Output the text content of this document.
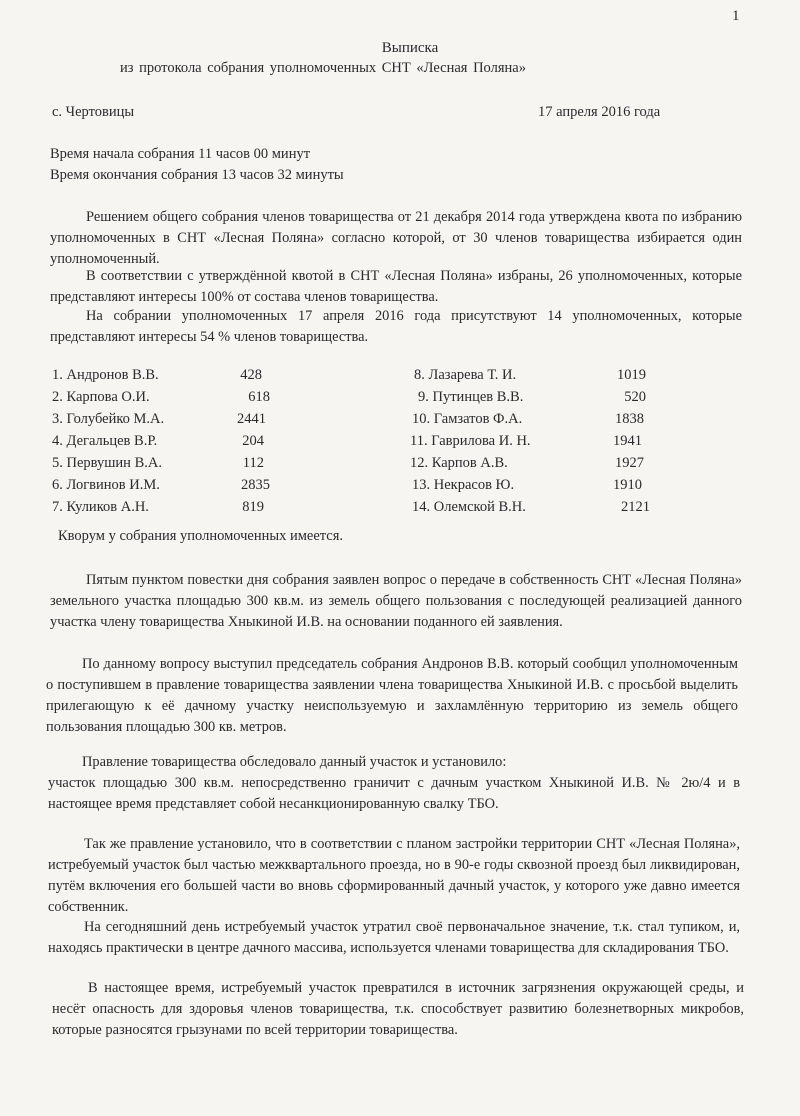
1
Выписка
из протокола собрания уполномоченных СНТ «Лесная Поляна»
с. Чертовицы	17 апреля 2016 года
Время начала собрания 11 часов 00 минут
Время окончания собрания 13 часов 32 минуты
Решением общего собрания членов товарищества от 21 декабря 2014 года утверждена квота по избранию уполномоченных в СНТ «Лесная Поляна» согласно которой, от 30 членов товарищества избирается один уполномоченный.
В соответствии с утверждённой квотой в СНТ «Лесная Поляна» избраны, 26 уполномоченных, которые представляют интересы 100% от состава членов товарищества.
На собрании уполномоченных 17 апреля 2016 года присутствуют 14 уполномоченных, которые представляют интересы 54 % членов товарищества.
1. Андронов В.В.	428
2. Карпова О.И.	618
3. Голубейко М.А.	2441
4. Дегальцев В.Р.	204
5. Первушин В.А.	112
6. Логвинов И.М.	2835
7. Куликов А.Н.	819
8. Лазарева Т. И.	1019
9. Путинцев В.В.	520
10. Гамзатов Ф.А.	1838
11. Гаврилова И. Н.	1941
12. Карпов А.В.	1927
13. Некрасов Ю.	1910
14. Олемской В.Н.	2121
Кворум у собрания уполномоченных имеется.
Пятым пунктом повестки дня собрания заявлен вопрос о передаче в собственность СНТ «Лесная Поляна» земельного участка площадью 300 кв.м. из земель общего пользования с последующей реализацией данного участка члену товарищества Хныкиной И.В. на основании поданного ей заявления.
По данному вопросу выступил председатель собрания Андронов В.В. который сообщил уполномоченным о поступившем в правление товарищества заявлении члена товарищества Хныкиной И.В. с просьбой выделить прилегающую к её дачному участку неиспользуемую и захламлённую территорию из земель общего пользования площадью 300 кв. метров.
Правление товарищества обследовало данный участок и установило:
участок площадью 300 кв.м. непосредственно граничит с дачным участком Хныкиной И.В. № 2ю/4 и в настоящее время представляет собой несанкционированную свалку ТБО.
Так же правление установило, что в соответствии с планом застройки территории СНТ «Лесная Поляна», истребуемый участок был частью межквартального проезда, но в 90-е годы сквозной проезд был ликвидирован, путём включения его большей части во вновь сформированный дачный участок, у которого уже давно имеется собственник.
На сегодняшний день истребуемый участок утратил своё первоначальное значение, т.к. стал тупиком, и, находясь практически в центре дачного массива, используется членами товарищества для складирования ТБО.
В настоящее время, истребуемый участок превратился в источник загрязнения окружающей среды, и несёт опасность для здоровья членов товарищества, т.к. способствует развитию болезнетворных микробов, которые разносятся грызунами по всей территории товарищества.
